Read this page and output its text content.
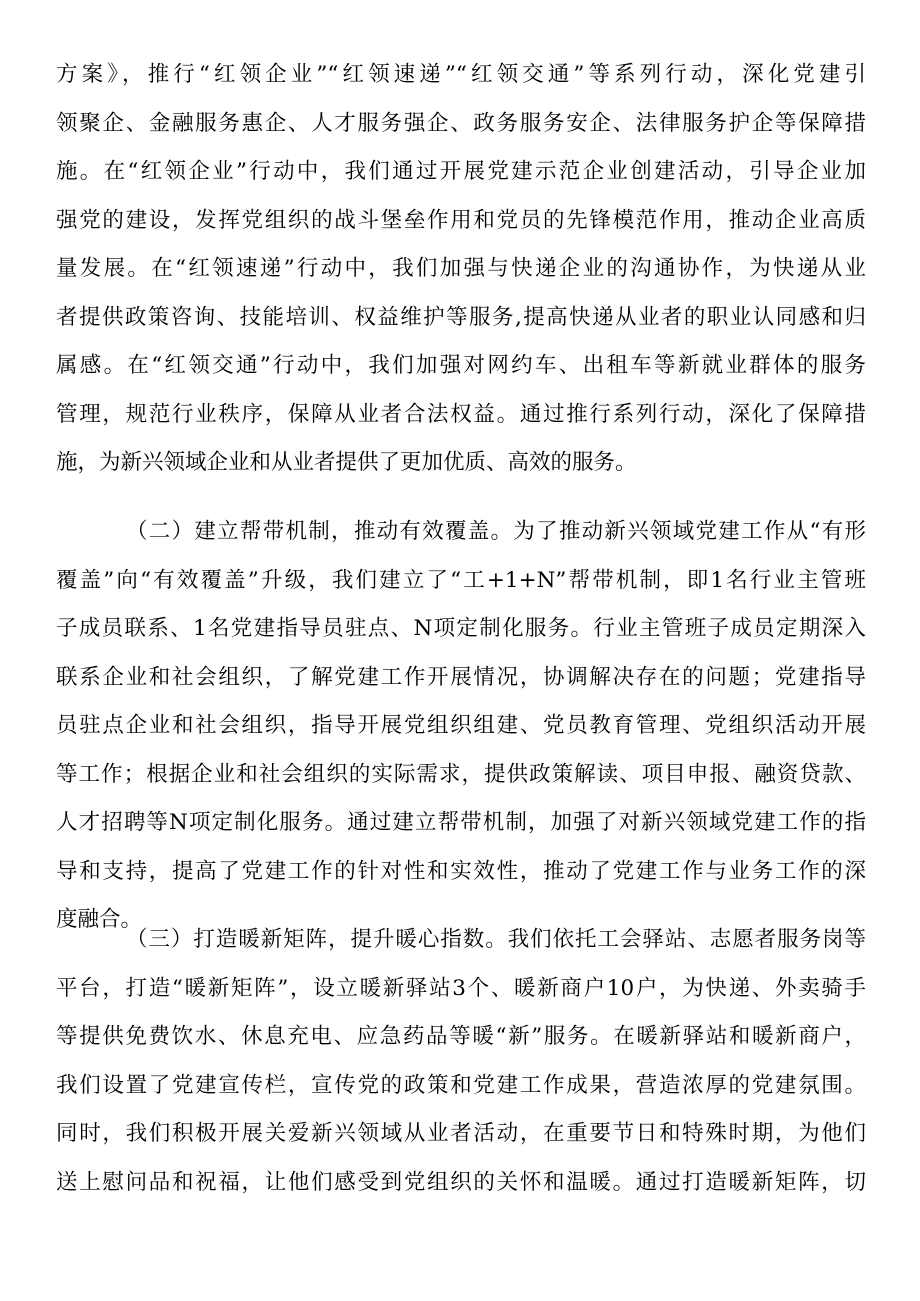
方案》，推行“红领企业”“红领速递”“红领交通”等系列行动，深化党建引
领聚企、金融服务惠企、人才服务强企、政务服务安企、法律服务护企等保障措
施。在“红领企业”行动中，我们通过开展党建示范企业创建活动，引导企业加
强党的建设，发挥党组织的战斗堡垒作用和党员的先锋模范作用，推动企业高质
量发展。在“红领速递”行动中，我们加强与快递企业的沟通协作，为快递从业
者提供政策咨询、技能培训、权益维护等服务,提高快递从业者的职业认同感和归
属感。在“红领交通”行动中，我们加强对网约车、出租车等新就业群体的服务
管理，规范行业秩序，保障从业者合法权益。通过推行系列行动，深化了保障措
施，为新兴领域企业和从业者提供了更加优质、高效的服务。
（二）建立帮带机制，推动有效覆盖。为了推动新兴领域党建工作从“有形
覆盖”向“有效覆盖”升级，我们建立了“工+1+N”帮带机制，即1名行业主管班
子成员联系、1名党建指导员驻点、N项定制化服务。行业主管班子成员定期深入
联系企业和社会组织，了解党建工作开展情况，协调解决存在的问题；党建指导
员驻点企业和社会组织，指导开展党组织组建、党员教育管理、党组织活动开展
等工作；根据企业和社会组织的实际需求，提供政策解读、项目申报、融资贷款、
人才招聘等N项定制化服务。通过建立帮带机制，加强了对新兴领域党建工作的指
导和支持，提高了党建工作的针对性和实效性，推动了党建工作与业务工作的深
度融合。
（三）打造暖新矩阵，提升暖心指数。我们依托工会驿站、志愿者服务岗等
平台，打造“暖新矩阵”，设立暖新驿站3个、暖新商户10户，为快递、外卖骑手
等提供免费饮水、休息充电、应急药品等暖“新”服务。在暖新驿站和暖新商户，
我们设置了党建宣传栏，宣传党的政策和党建工作成果，营造浓厚的党建氛围。
同时，我们积极开展关爱新兴领域从业者活动，在重要节日和特殊时期，为他们
送上慰问品和祝福，让他们感受到党组织的关怀和温暖。通过打造暖新矩阵，切
